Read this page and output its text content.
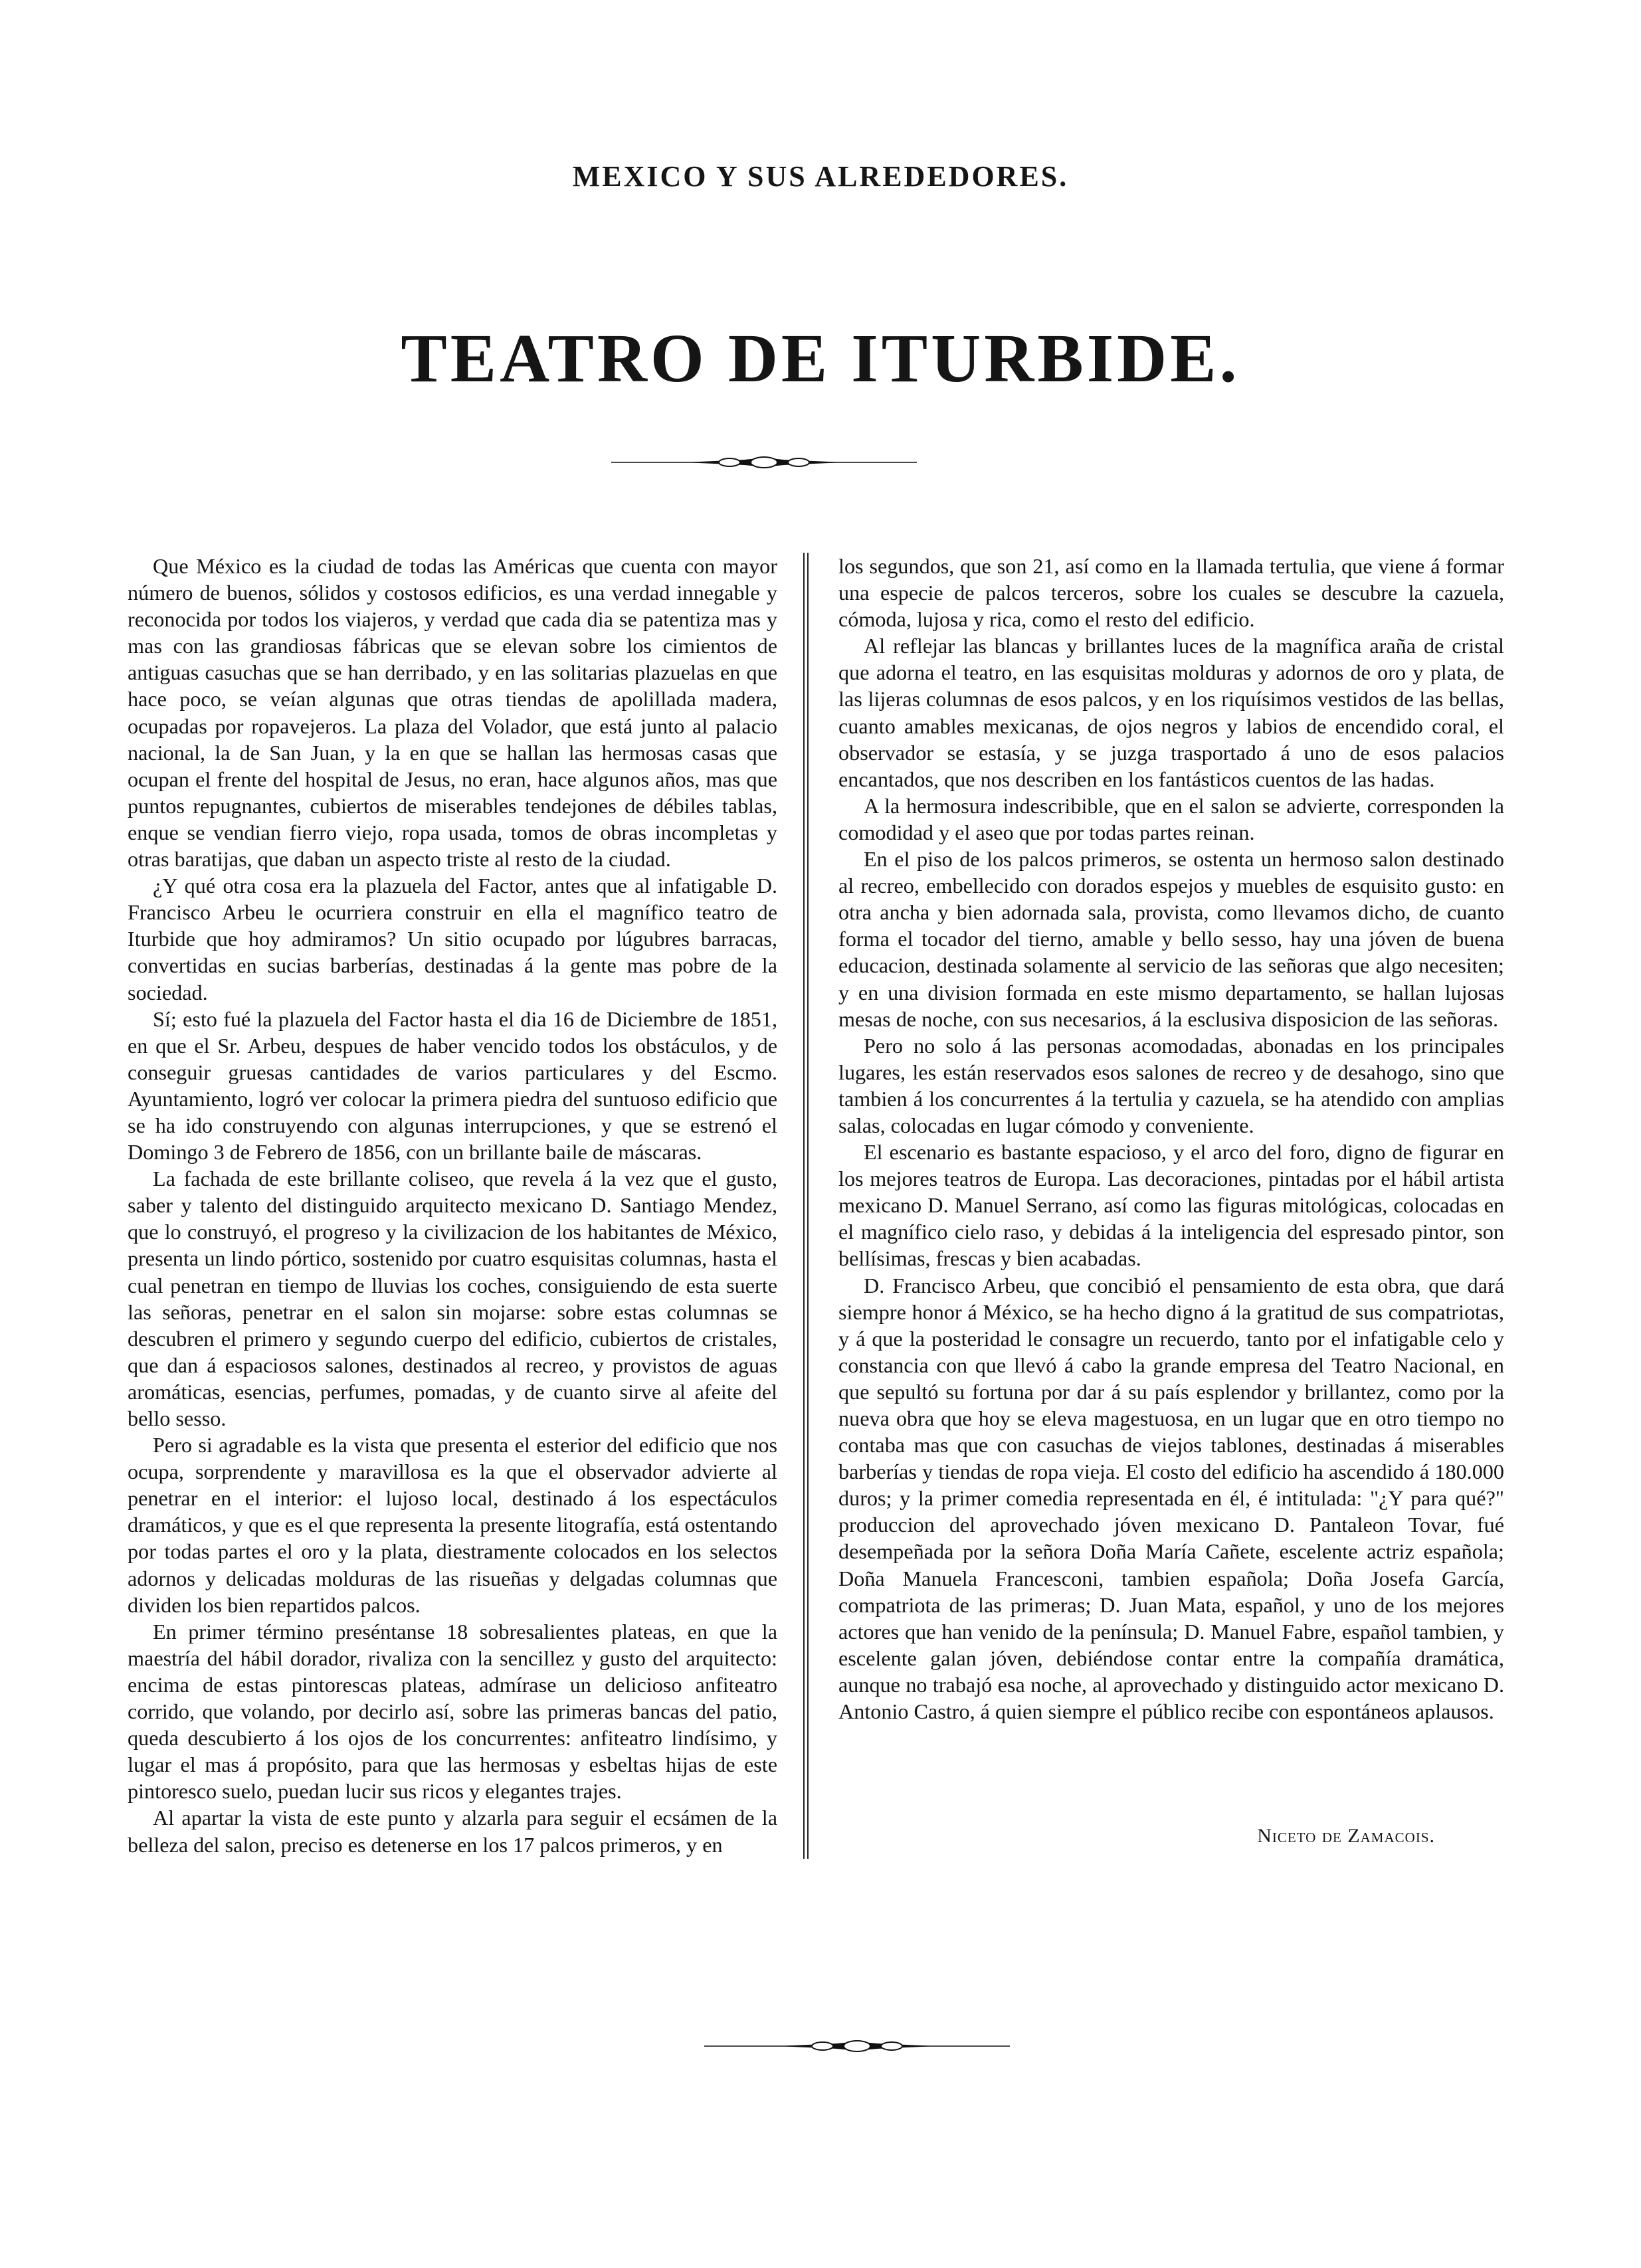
MEXICO Y SUS ALREDEDORES.
TEATRO DE ITURBIDE.

Que México es la ciudad de todas las Américas que cuenta con mayor número de buenos, sólidos y costosos edificios, es una verdad innegable y reconocida por todos los viajeros, y verdad que cada dia se patentiza mas y mas con las grandiosas fábricas que se elevan sobre los cimientos de antiguas casuchas que se han derribado, y en las solitarias plazuelas en que hace poco, se veían algunas que otras tiendas de apolillada madera, ocupadas por ropavejeros. La plaza del Volador, que está junto al palacio nacional, la de San Juan, y la en que se hallan las hermosas casas que ocupan el frente del hospital de Jesus, no eran, hace algunos años, mas que puntos repugnantes, cubiertos de miserables tendejones de débiles tablas, enque se vendian fierro viejo, ropa usada, tomos de obras incompletas y otras baratijas, que daban un aspecto triste al resto de la ciudad.

¿Y qué otra cosa era la plazuela del Factor, antes que al infatigable D. Francisco Arbeu le ocurriera construir en ella el magnífico teatro de Iturbide que hoy admiramos? Un sitio ocupado por lúgubres barracas, convertidas en sucias barberías, destinadas á la gente mas pobre de la sociedad.

Sí; esto fué la plazuela del Factor hasta el dia 16 de Diciembre de 1851, en que el Sr. Arbeu, despues de haber vencido todos los obstáculos, y de conseguir gruesas cantidades de varios particulares y del Escmo. Ayuntamiento, logró ver colocar la primera piedra del suntuoso edificio que se ha ido construyendo con algunas interrupciones, y que se estrenó el Domingo 3 de Febrero de 1856, con un brillante baile de máscaras.

La fachada de este brillante coliseo, que revela á la vez que el gusto, saber y talento del distinguido arquitecto mexicano D. Santiago Mendez, que lo construyó, el progreso y la civilizacion de los habitantes de México, presenta un lindo pórtico, sostenido por cuatro esquisitas columnas, hasta el cual penetran en tiempo de lluvias los coches, consiguiendo de esta suerte las señoras, penetrar en el salon sin mojarse: sobre estas columnas se descubren el primero y segundo cuerpo del edificio, cubiertos de cristales, que dan á espaciosos salones, destinados al recreo, y provistos de aguas aromáticas, esencias, perfumes, pomadas, y de cuanto sirve al afeite del bello sesso.

Pero si agradable es la vista que presenta el esterior del edificio que nos ocupa, sorprendente y maravillosa es la que el observador advierte al penetrar en el interior: el lujoso local, destinado á los espectáculos dramáticos, y que es el que representa la presente litografía, está ostentando por todas partes el oro y la plata, diestramente colocados en los selectos adornos y delicadas molduras de las risueñas y delgadas columnas que dividen los bien repartidos palcos.

En primer término preséntanse 18 sobresalientes plateas, en que la maestría del hábil dorador, rivaliza con la sencillez y gusto del arquitecto: encima de estas pintorescas plateas, admírase un delicioso anfiteatro corrido, que volando, por decirlo así, sobre las primeras bancas del patio, queda descubierto á los ojos de los concurrentes: anfiteatro lindísimo, y lugar el mas á propósito, para que las hermosas y esbeltas hijas de este pintoresco suelo, puedan lucir sus ricos y elegantes trajes.

Al apartar la vista de este punto y alzarla para seguir el ecsámen de la belleza del salon, preciso es detenerse en los 17 palcos primeros, y en

los segundos, que son 21, así como en la llamada tertulia, que viene á formar una especie de palcos terceros, sobre los cuales se descubre la cazuela, cómoda, lujosa y rica, como el resto del edificio.

Al reflejar las blancas y brillantes luces de la magnífica araña de cristal que adorna el teatro, en las esquisitas molduras y adornos de oro y plata, de las lijeras columnas de esos palcos, y en los riquísimos vestidos de las bellas, cuanto amables mexicanas, de ojos negros y labios de encendido coral, el observador se estasía, y se juzga trasportado á uno de esos palacios encantados, que nos describen en los fantásticos cuentos de las hadas.

A la hermosura indescribible, que en el salon se advierte, corresponden la comodidad y el aseo que por todas partes reinan.

En el piso de los palcos primeros, se ostenta un hermoso salon destinado al recreo, embellecido con dorados espejos y muebles de esquisito gusto: en otra ancha y bien adornada sala, provista, como llevamos dicho, de cuanto forma el tocador del tierno, amable y bello sesso, hay una jóven de buena educacion, destinada solamente al servicio de las señoras que algo necesiten; y en una division formada en este mismo departamento, se hallan lujosas mesas de noche, con sus necesarios, á la esclusiva disposicion de las señoras.

Pero no solo á las personas acomodadas, abonadas en los principales lugares, les están reservados esos salones de recreo y de desahogo, sino que tambien á los concurrentes á la tertulia y cazuela, se ha atendido con amplias salas, colocadas en lugar cómodo y conveniente.

El escenario es bastante espacioso, y el arco del foro, digno de figurar en los mejores teatros de Europa. Las decoraciones, pintadas por el hábil artista mexicano D. Manuel Serrano, así como las figuras mitológicas, colocadas en el magnífico cielo raso, y debidas á la inteligencia del espresado pintor, son bellísimas, frescas y bien acabadas.

D. Francisco Arbeu, que concibió el pensamiento de esta obra, que dará siempre honor á México, se ha hecho digno á la gratitud de sus compatriotas, y á que la posteridad le consagre un recuerdo, tanto por el infatigable celo y constancia con que llevó á cabo la grande empresa del Teatro Nacional, en que sepultó su fortuna por dar á su país esplendor y brillantez, como por la nueva obra que hoy se eleva magestuosa, en un lugar que en otro tiempo no contaba mas que con casuchas de viejos tablones, destinadas á miserables barberías y tiendas de ropa vieja. El costo del edificio ha ascendido á 180.000 duros; y la primer comedia representada en él, é intitulada: "¿Y para qué?" produccion del aprovechado jóven mexicano D. Pantaleon Tovar, fué desempeñada por la señora Doña María Cañete, escelente actriz española; Doña Manuela Francesconi, tambien española; Doña Josefa García, compatriota de las primeras; D. Juan Mata, español, y uno de los mejores actores que han venido de la península; D. Manuel Fabre, español tambien, y escelente galan jóven, debiéndose contar entre la compañía dramática, aunque no trabajó esa noche, al aprovechado y distinguido actor mexicano D. Antonio Castro, á quien siempre el público recibe con espontáneos aplausos.

Niceto de Zamacois.
